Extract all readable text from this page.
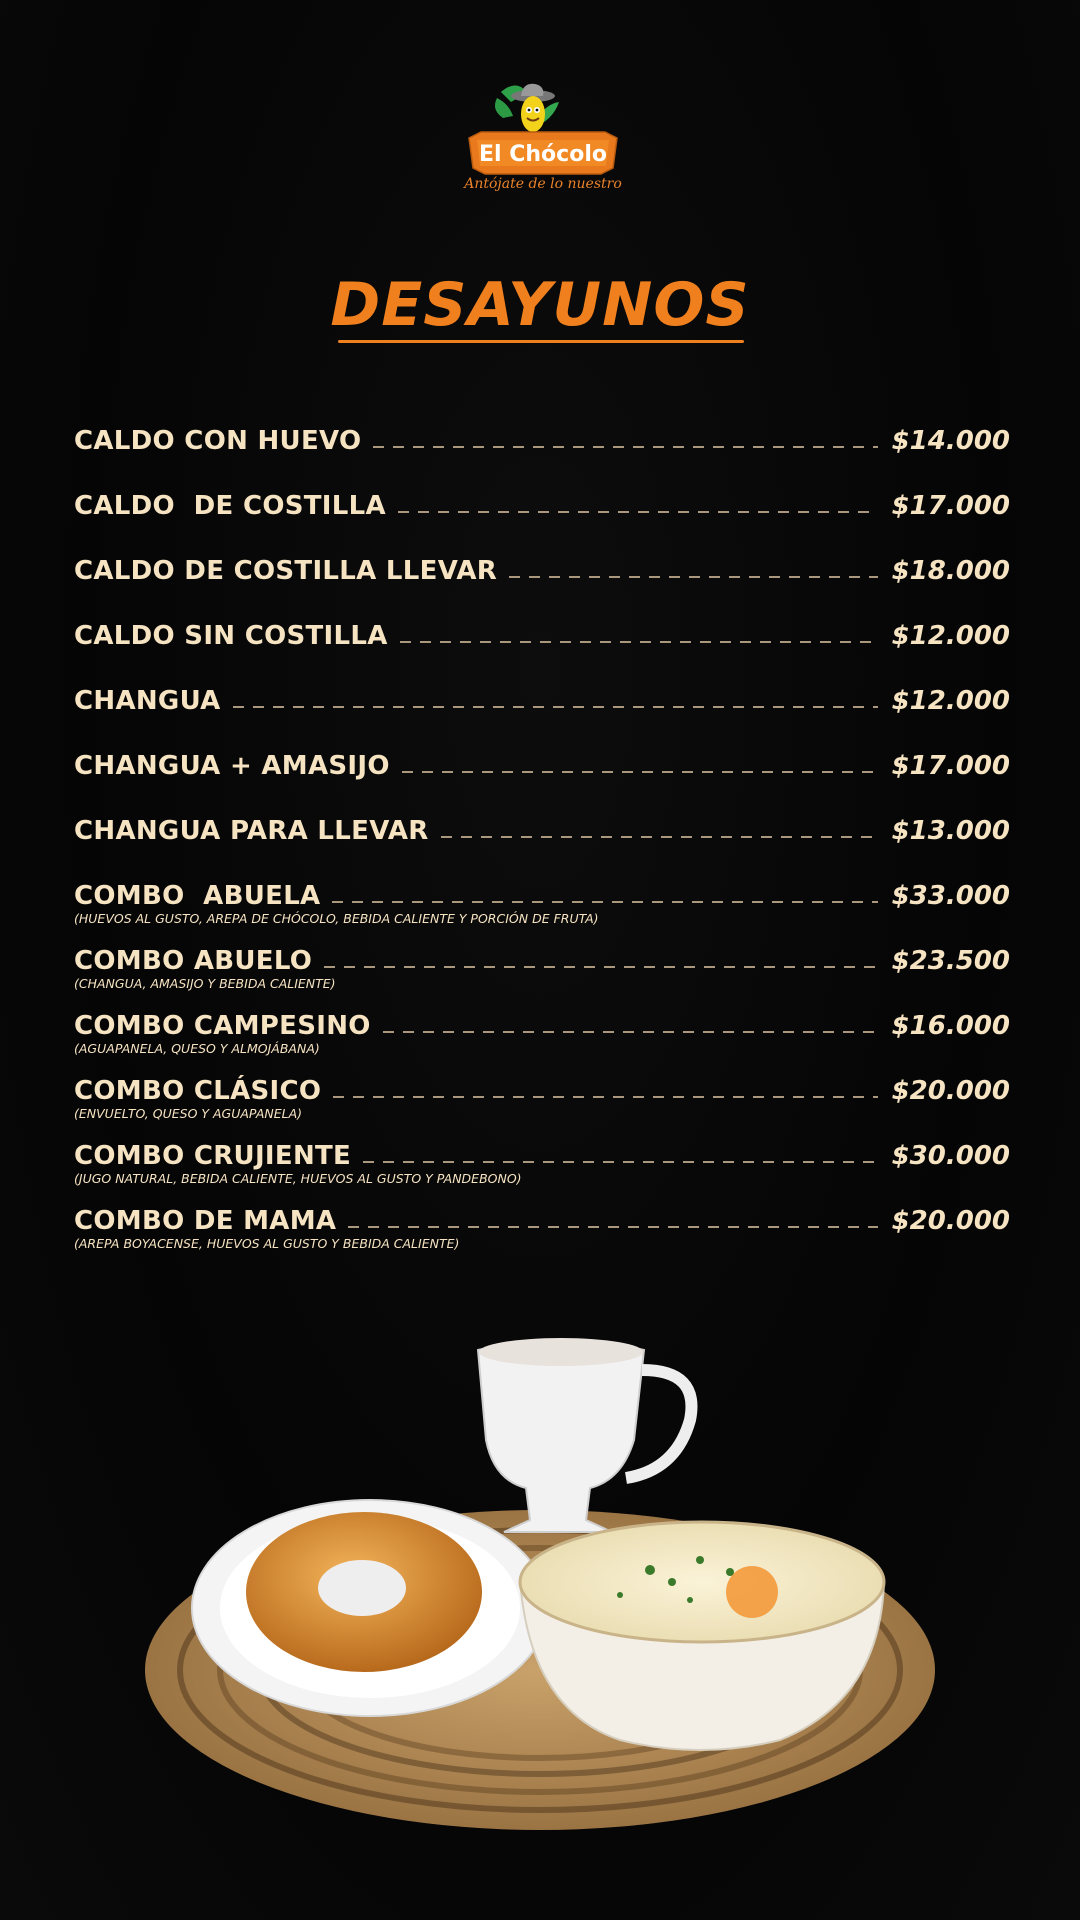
El Chócolo
Antójate de lo nuestro
DESAYUNOS
CALDO CON HUEVO	$14.000
CALDO  DE COSTILLA	$17.000
CALDO DE COSTILLA LLEVAR	$18.000
CALDO SIN COSTILLA	$12.000
CHANGUA	$12.000
CHANGUA + AMASIJO	$17.000
CHANGUA PARA LLEVAR	$13.000
COMBO  ABUELA	$33.000
(HUEVOS AL GUSTO, AREPA DE CHÓCOLO, BEBIDA CALIENTE Y PORCIÓN DE FRUTA)
COMBO ABUELO	$23.500
(CHANGUA, AMASIJO Y BEBIDA CALIENTE)
COMBO CAMPESINO	$16.000
(AGUAPANELA, QUESO Y ALMOJÁBANA)
COMBO CLÁSICO	$20.000
(ENVUELTO, QUESO Y AGUAPANELA)
COMBO CRUJIENTE	$30.000
(JUGO NATURAL, BEBIDA CALIENTE, HUEVOS AL GUSTO Y PANDEBONO)
COMBO DE MAMA	$20.000
(AREPA BOYACENSE, HUEVOS AL GUSTO Y BEBIDA CALIENTE)
